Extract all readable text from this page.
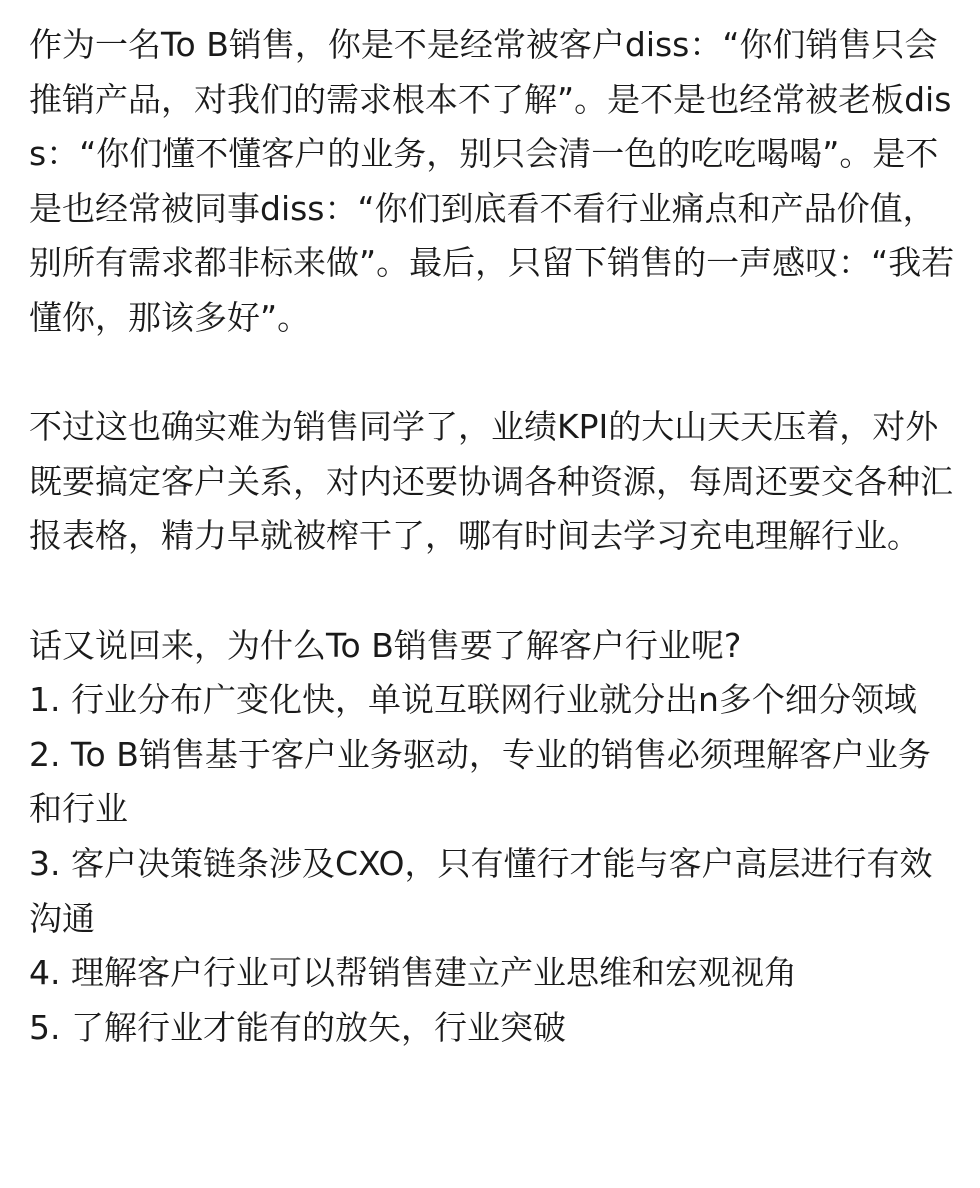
作为一名To B销售，你是不是经常被客户diss：“你们销售只会推销产品，对我们的需求根本不了解”。是不是也经常被老板diss：“你们懂不懂客户的业务，别只会清一色的吃吃喝喝”。是不是也经常被同事diss：“你们到底看不看行业痛点和产品价值，别所有需求都非标来做”。最后，只留下销售的一声感叹：“我若懂你，那该多好”。

不过这也确实难为销售同学了，业绩KPI的大山天天压着，对外既要搞定客户关系，对内还要协调各种资源，每周还要交各种汇报表格，精力早就被榨干了，哪有时间去学习充电理解行业。

话又说回来，为什么To B销售要了解客户行业呢?

1. 行业分布广变化快，单说互联网行业就分出n多个细分领域
2. To B销售基于客户业务驱动，专业的销售必须理解客户业务和行业
3. 客户决策链条涉及CXO，只有懂行才能与客户高层进行有效沟通
4. 理解客户行业可以帮销售建立产业思维和宏观视角
5. 了解行业才能有的放矢，行业突破
